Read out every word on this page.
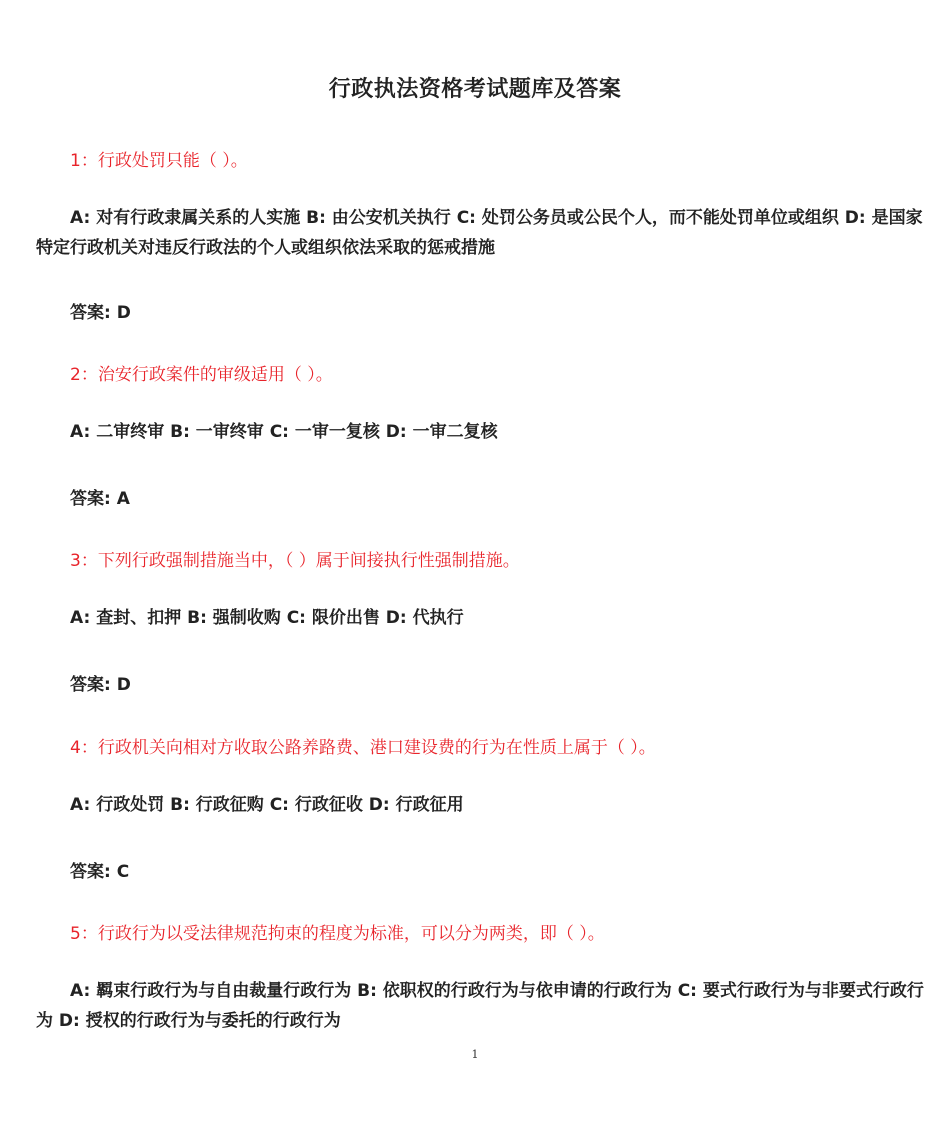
行政执法资格考试题库及答案
1：行政处罚只能（ ）。

A: 对有行政隶属关系的人实施 B: 由公安机关执行 C: 处罚公务员或公民个人，而不能处罚单位或组织 D: 是国家特定行政机关对违反行政法的个人或组织依法采取的惩戒措施

答案: D
2：治安行政案件的审级适用（ ）。

A: 二审终审 B: 一审终审 C: 一审一复核 D: 一审二复核

答案: A
3：下列行政强制措施当中，（ ）属于间接执行性强制措施。

A: 查封、扣押 B: 强制收购 C: 限价出售 D: 代执行

答案: D
4：行政机关向相对方收取公路养路费、港口建设费的行为在性质上属于（ ）。

A: 行政处罚 B: 行政征购 C: 行政征收 D: 行政征用

答案: C
5：行政行为以受法律规范拘束的程度为标准，可以分为两类，即（ ）。

A: 羁束行政行为与自由裁量行政行为 B: 依职权的行政行为与依申请的行政行为 C: 要式行政行为与非要式行政行为 D: 授权的行政行为与委托的行政行为

1
